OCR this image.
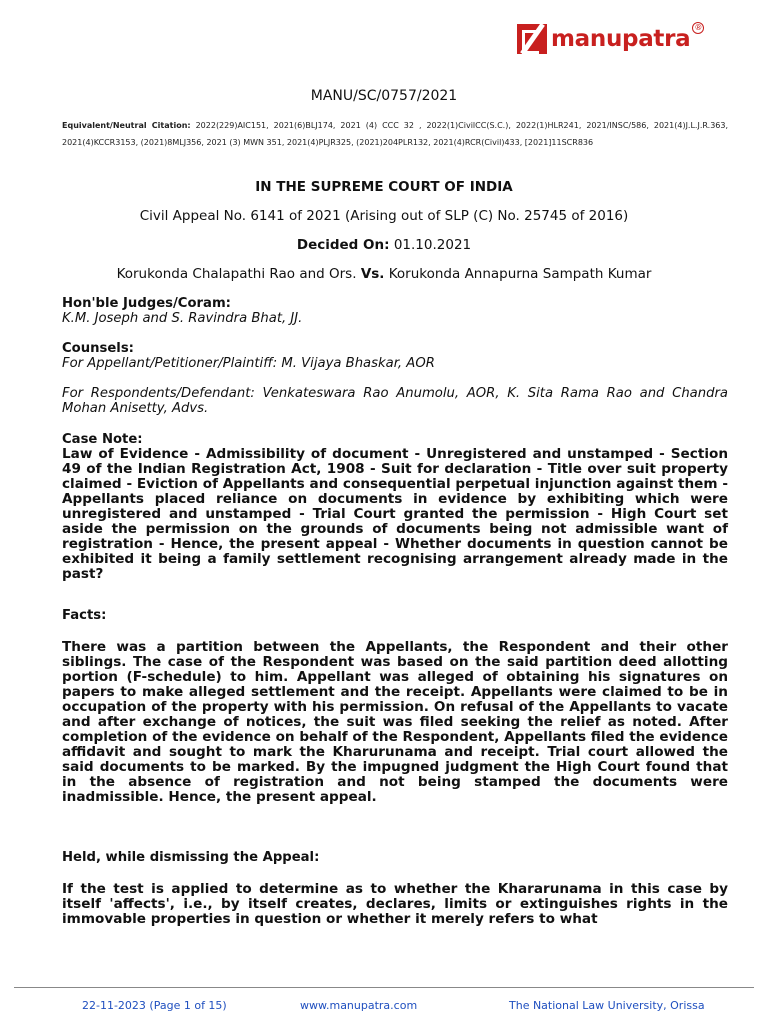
manupatra ®
MANU/SC/0757/2021
Equivalent/Neutral Citation: 2022(229)AIC151, 2021(6)BLJ174, 2021 (4) CCC 32 , 2022(1)CivilCC(S.C.), 2022(1)HLR241, 2021/INSC/586, 2021(4)J.L.J.R.363, 2021(4)KCCR3153, (2021)8MLJ356, 2021 (3) MWN 351, 2021(4)PLJR325, (2021)204PLR132, 2021(4)RCR(Civil)433, [2021]11SCR836
IN THE SUPREME COURT OF INDIA
Civil Appeal No. 6141 of 2021 (Arising out of SLP (C) No. 25745 of 2016)
Decided On: 01.10.2021
Korukonda Chalapathi Rao and Ors. Vs. Korukonda Annapurna Sampath Kumar
Hon'ble Judges/Coram:
K.M. Joseph and S. Ravindra Bhat, JJ.
Counsels:
For Appellant/Petitioner/Plaintiff: M. Vijaya Bhaskar, AOR
For Respondents/Defendant: Venkateswara Rao Anumolu, AOR, K. Sita Rama Rao and Chandra Mohan Anisetty, Advs.
Case Note:
Law of Evidence - Admissibility of document - Unregistered and unstamped - Section 49 of the Indian Registration Act, 1908 - Suit for declaration - Title over suit property claimed - Eviction of Appellants and consequential perpetual injunction against them - Appellants placed reliance on documents in evidence by exhibiting which were unregistered and unstamped - Trial Court granted the permission - High Court set aside the permission on the grounds of documents being not admissible want of registration - Hence, the present appeal - Whether documents in question cannot be exhibited it being a family settlement recognising arrangement already made in the past?
Facts:
There was a partition between the Appellants, the Respondent and their other siblings. The case of the Respondent was based on the said partition deed allotting portion (F-schedule) to him. Appellant was alleged of obtaining his signatures on papers to make alleged settlement and the receipt. Appellants were claimed to be in occupation of the property with his permission. On refusal of the Appellants to vacate and after exchange of notices, the suit was filed seeking the relief as noted. After completion of the evidence on behalf of the Respondent, Appellants filed the evidence affidavit and sought to mark the Kharurunama and receipt. Trial court allowed the said documents to be marked. By the impugned judgment the High Court found that in the absence of registration and not being stamped the documents were inadmissible. Hence, the present appeal.
Held, while dismissing the Appeal:
If the test is applied to determine as to whether the Khararunama in this case by itself 'affects', i.e., by itself creates, declares, limits or extinguishes rights in the immovable properties in question or whether it merely refers to what
22-11-2023 (Page 1 of 15)	www.manupatra.com	The National Law University, Orissa
